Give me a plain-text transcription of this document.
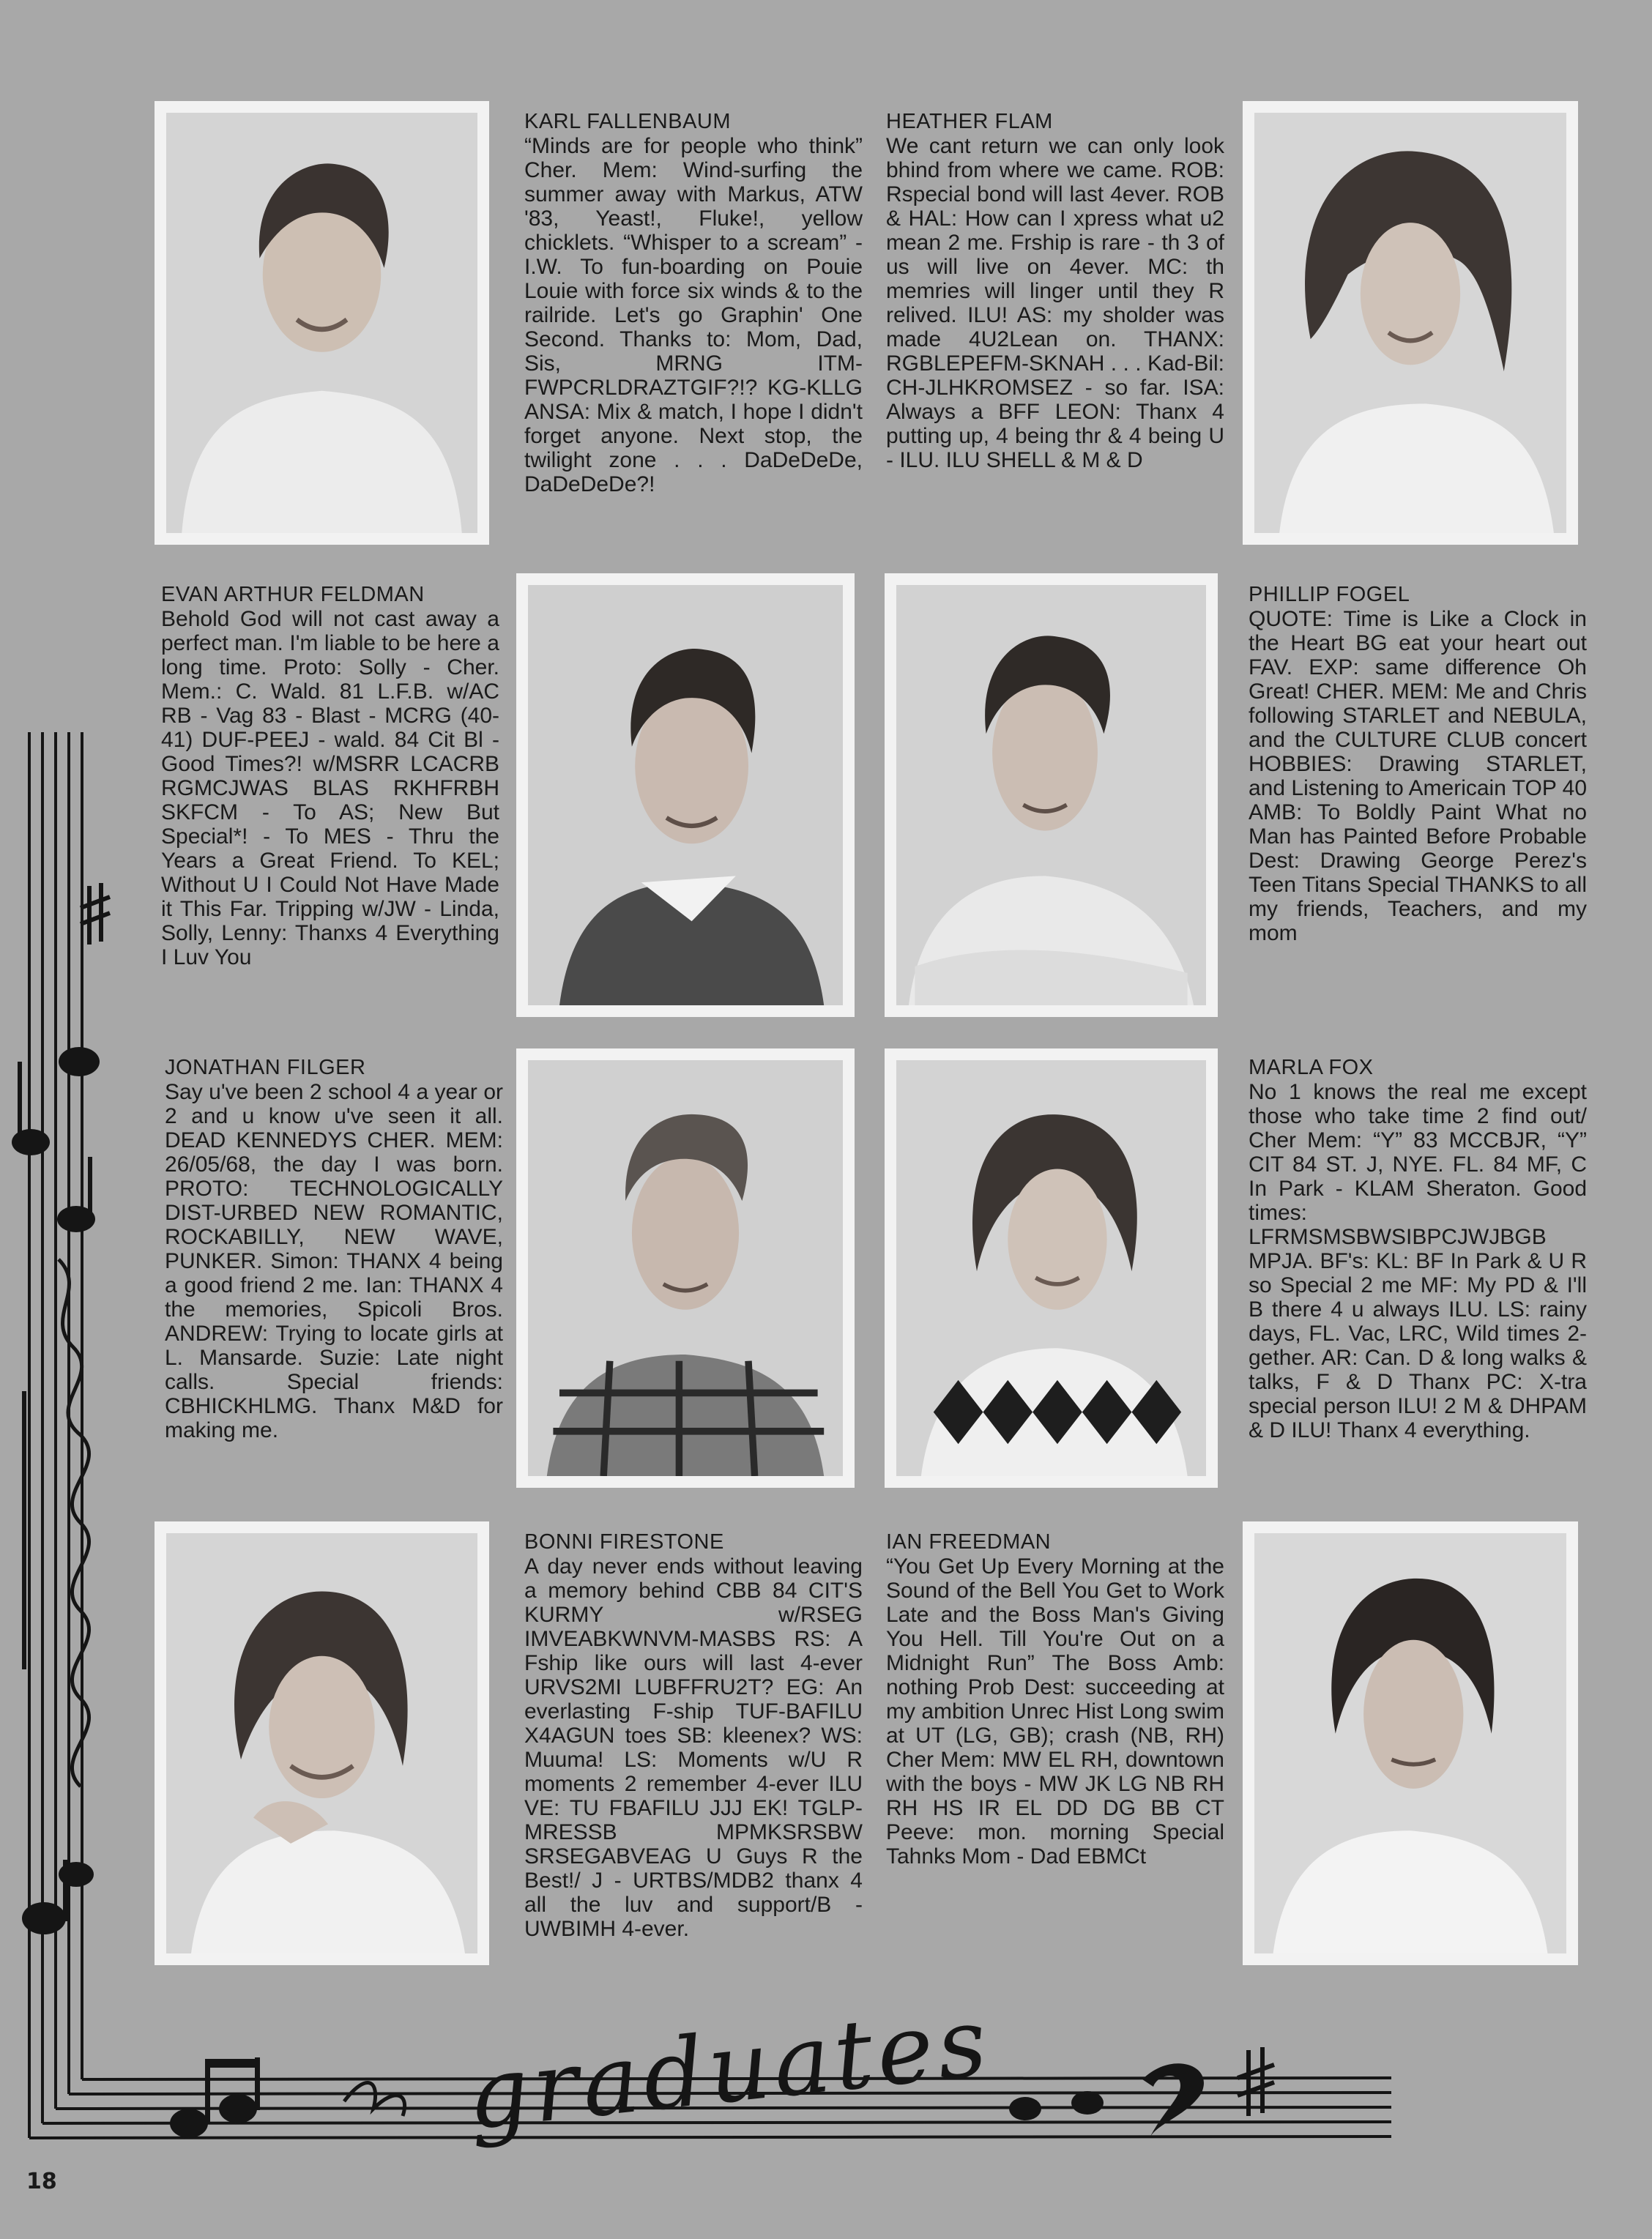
KARL FALLENBAUM
“Minds are for people who think” Cher. Mem: Wind-surfing the summer away with Markus, ATW '83, Yeast!, Fluke!, yellow chicklets. “Whisper to a scream” - I.W. To fun-boarding on Pouie Louie with force six winds & to the railride. Let's go Graphin' One Second. Thanks to: Mom, Dad, Sis, MRNG ITM-FWPCRLDRAZTGIF?!? KG-KLLG ANSA: Mix & match, I hope I didn't forget anyone. Next stop, the twilight zone . . . DaDeDeDe, DaDeDeDe?!
HEATHER FLAM
We cant return we can only look bhind from where we came. ROB: Rspecial bond will last 4ever. ROB & HAL: How can I xpress what u2 mean 2 me. Frship is rare - th 3 of us will live on 4ever. MC: th memries will linger until they R relived. ILU! AS: my sholder was made 4U2Lean on. THANX: RGBLEPEFM-SKNAH . . . Kad-Bil: CH-JLHKROMSEZ - so far. ISA: Always a BFF LEON: Thanx 4 putting up, 4 being thr & 4 being U - ILU. ILU SHELL & M & D
EVAN ARTHUR FELDMAN
Behold God will not cast away a perfect man. I'm liable to be here a long time. Proto: Solly - Cher. Mem.: C. Wald. 81 L.F.B. w/AC RB - Vag 83 - Blast - MCRG (40-41) DUF-PEEJ - wald. 84 Cit Bl - Good Times?! w/MSRR LCACRB RGMCJWAS BLAS RKHFRBH SKFCM - To AS; New But Special*! - To MES - Thru the Years a Great Friend. To KEL; Without U I Could Not Have Made it This Far. Tripping w/JW - Linda, Solly, Lenny: Thanxs 4 Everything I Luv You
PHILLIP FOGEL
QUOTE: Time is Like a Clock in the Heart BG eat your heart out FAV. EXP: same difference Oh Great! CHER. MEM: Me and Chris following STARLET and NEBULA, and the CULTURE CLUB concert HOBBIES: Drawing STARLET, and Listening to Americain TOP 40 AMB: To Boldly Paint What no Man has Painted Before Probable Dest: Drawing George Perez's Teen Titans Special THANKS to all my friends, Teachers, and my mom
JONATHAN FILGER
Say u've been 2 school 4 a year or 2 and u know u've seen it all. DEAD KENNEDYS CHER. MEM: 26/05/68, the day I was born. PROTO: TECHNOLOGICALLY DIST-URBED NEW ROMANTIC, ROCKABILLY, NEW WAVE, PUNKER. Simon: THANX 4 being a good friend 2 me. Ian: THANX 4 the memories, Spicoli Bros. ANDREW: Trying to locate girls at L. Mansarde. Suzie: Late night calls. Special friends: CBHICKHLMG. Thanx M&D for making me.
MARLA FOX
No 1 knows the real me except those who take time 2 find out/ Cher Mem: “Y” 83 MCCBJR, “Y” CIT 84 ST. J, NYE. FL. 84 MF, C In Park - KLAM Sheraton. Good times: LFRMSMSBWSIBPCJWJBGB MPJA. BF's: KL: BF In Park & U R so Special 2 me MF: My PD & I'll B there 4 u always ILU. LS: rainy days, FL. Vac, LRC, Wild times 2-gether. AR: Can. D & long walks & talks, F & D Thanx PC: X-tra special person ILU! 2 M & DHPAM & D ILU! Thanx 4 everything.
BONNI FIRESTONE
A day never ends without leaving a memory behind CBB 84 CIT'S KURMY w/RSEG IMVEABKWNVM-MASBS RS: A Fship like ours will last 4-ever URVS2MI LUBFFRU2T? EG: An everlasting F-ship TUF-BAFILU X4AGUN toes SB: kleenex? WS: Muuma! LS: Moments w/U R moments 2 remember 4-ever ILU VE: TU FBAFILU JJJ EK! TGLP-MRESSB MPMKSRSBW SRSEGABVEAG U Guys R the Best!/ J - URTBS/MDB2 thanx 4 all the luv and support/B - UWBIMH 4-ever.
IAN FREEDMAN
“You Get Up Every Morning at the Sound of the Bell You Get to Work Late and the Boss Man's Giving You Hell. Till You're Out on a Midnight Run” The Boss Amb: nothing Prob Dest: succeeding at my ambition Unrec Hist Long swim at UT (LG, GB); crash (NB, RH) Cher Mem: MW EL RH, downtown with the boys - MW JK LG NB RH RH HS IR EL DD DG BB CT Peeve: mon. morning Special Tahnks Mom - Dad EBMCt
graduates
18
